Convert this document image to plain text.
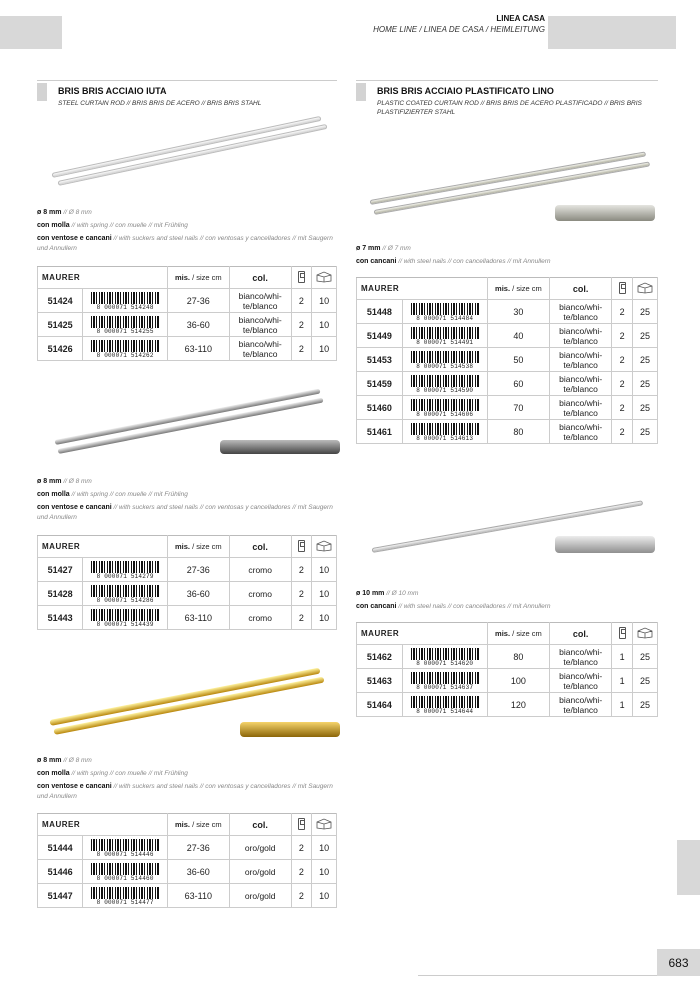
LINEA CASA
HOME LINE / LINEA DE CASA / HEIMLEITUNG
BRIS BRIS ACCIAIO IUTA
STEEL CURTAIN ROD // BRIS BRIS DE ACERO // BRIS BRIS STAHL
ø 8 mm // Ø 8 mm
con molla // with spring // con muelle // mit Frühling
con ventose e cancani // with suckers and steel nails // con ventosas y cancelladores // mit Saugern und Annullern
MAURER		mis. / size cm	col.		
51424	8 000071 514248	27-36	bianco/whi-te/blanco	2	10
51425	8 000071 514255	36-60	bianco/whi-te/blanco	2	10
51426	8 000071 514262	63-110	bianco/whi-te/blanco	2	10
ø 8 mm // Ø 8 mm
con molla // with spring // con muelle // mit Frühling
con ventose e cancani // with suckers and steel nails // con ventosas y cancelladores // mit Saugern und Annullern
MAURER		mis. / size cm	col.		
51427	8 000071 514279	27-36	cromo	2	10
51428	8 000071 514286	36-60	cromo	2	10
51443	8 000071 514439	63-110	cromo	2	10
ø 8 mm // Ø 8 mm
con molla // with spring // con muelle // mit Frühling
con ventose e cancani // with suckers and steel nails // con ventosas y cancelladores // mit Saugern und Annullern
MAURER		mis. / size cm	col.		
51444	8 000071 514446	27-36	oro/gold	2	10
51446	8 000071 514460	36-60	oro/gold	2	10
51447	8 000071 514477	63-110	oro/gold	2	10
BRIS BRIS ACCIAIO PLASTIFICATO LINO
PLASTIC COATED CURTAIN ROD // BRIS BRIS DE ACERO PLASTIFICADO // BRIS BRIS PLASTIFIZIERTER STAHL
ø 7 mm // Ø 7 mm
con cancani // with steel nails // con cancelladores // mit Annullern
MAURER		mis. / size cm	col.		
51448	8 000071 514484	30	bianco/whi-te/blanco	2	25
51449	8 000071 514491	40	bianco/whi-te/blanco	2	25
51453	8 000071 514538	50	bianco/whi-te/blanco	2	25
51459	8 000071 514590	60	bianco/whi-te/blanco	2	25
51460	8 000071 514606	70	bianco/whi-te/blanco	2	25
51461	8 000071 514613	80	bianco/whi-te/blanco	2	25
ø 10 mm // Ø 10 mm
con cancani // with steel nails // con cancelladores // mit Annullern
MAURER		mis. / size cm	col.		
51462	8 000071 514620	80	bianco/whi-te/blanco	1	25
51463	8 000071 514637	100	bianco/whi-te/blanco	1	25
51464	8 000071 514644	120	bianco/whi-te/blanco	1	25
683
